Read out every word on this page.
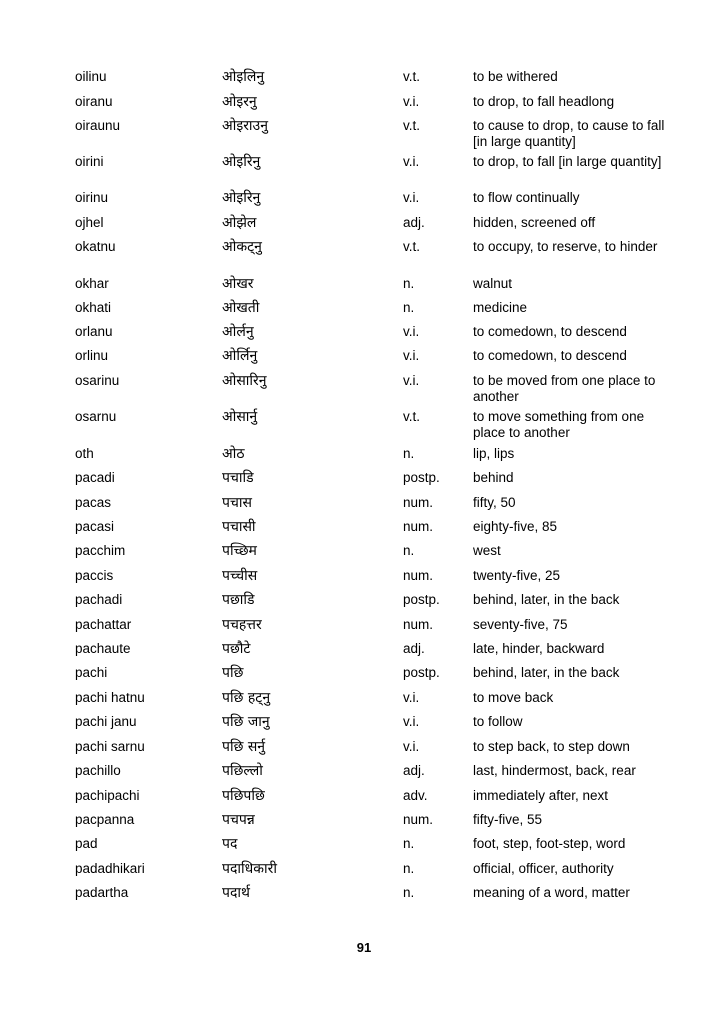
oilinu	ओइलिनु	v.t.	to be withered
oiranu	ओइरनु	v.i.	to drop, to fall headlong
oiraunu	ओइराउनु	v.t.	to cause to drop, to cause to fall [in large quantity]
oirini	ओइरिनु	v.i.	to drop, to fall [in large quantity]
oirinu	ओइरिनु	v.i.	to flow continually
ojhel	ओझेल	adj.	hidden, screened off
okatnu	ओकट्नु	v.t.	to occupy, to reserve, to hinder
okhar	ओखर	n.	walnut
okhati	ओखती	n.	medicine
orlanu	ओर्लनु	v.i.	to comedown, to descend
orlinu	ओर्लिनु	v.i.	to comedown, to descend
osarinu	ओसारिनु	v.i.	to be moved from one place to another
osarnu	ओसार्नु	v.t.	to move something from one place to another
oth	ओठ	n.	lip, lips
pacadi	पचाडि	postp.	behind
pacas	पचास	num.	fifty, 50
pacasi	पचासी	num.	eighty-five, 85
pacchim	पच्छिम	n.	west
paccis	पच्चीस	num.	twenty-five, 25
pachadi	पछाडि	postp.	behind, later, in the back
pachattar	पचहत्तर	num.	seventy-five, 75
pachaute	पछौटे	adj.	late, hinder, backward
pachi	पछि	postp.	behind, later, in the back
pachi hatnu	पछि हट्नु	v.i.	to move back
pachi janu	पछि जानु	v.i.	to follow
pachi sarnu	पछि सर्नु	v.i.	to step back, to step down
pachillo	पछिल्लो	adj.	last, hindermost, back, rear
pachipachi	पछिपछि	adv.	immediately after, next
pacpanna	पचपन्न	num.	fifty-five, 55
pad	पद	n.	foot, step, foot-step, word
padadhikari	पदाधिकारी	n.	official, officer, authority
padartha	पदार्थ	n.	meaning of a word, matter
91
